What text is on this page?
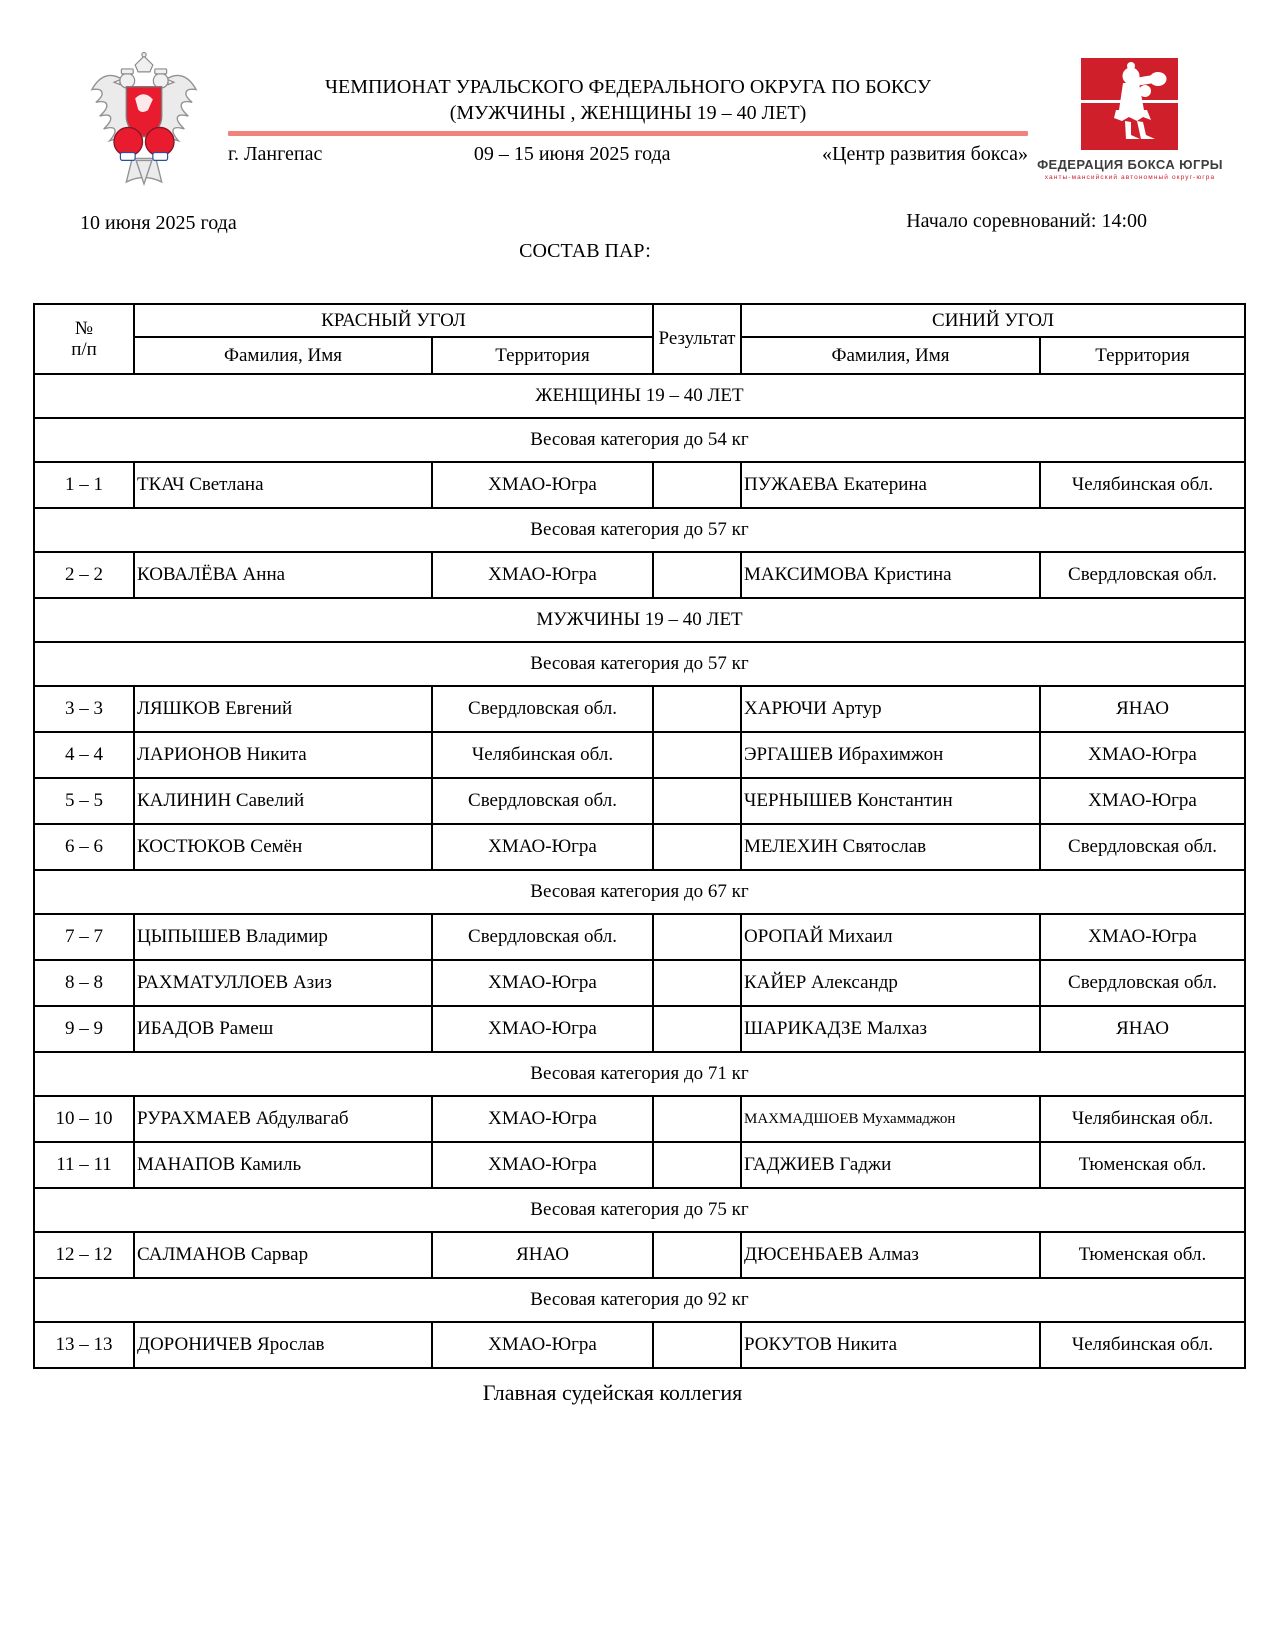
ЧЕМПИОНАТ УРАЛЬСКОГО ФЕДЕРАЛЬНОГО ОКРУГА ПО БОКСУ
(МУЖЧИНЫ , ЖЕНЩИНЫ 19 – 40 ЛЕТ)
г. Лангепас	09 – 15 июня 2025 года	«Центр развития бокса» ФЕДЕРАЦИЯ БОКСА ЮГРЫ
ханты-мансийский автономный округ-югра
10 июня 2025 года	Начало соревнований: 14:00
СОСТАВ ПАР:
№
п/п	КРАСНЫЙ УГОЛ		Результат	СИНИЙ УГОЛ	
	Фамилия, Имя	Территория		Фамилия, Имя	Территория
ЖЕНЩИНЫ 19 – 40 ЛЕТ					
Весовая категория до 54 кг					
1 – 1	ТКАЧ Светлана	ХМАО-Югра		ПУЖАЕВА Екатерина	Челябинская обл.
Весовая категория до 57 кг					
2 – 2	КОВАЛЁВА Анна	ХМАО-Югра		МАКСИМОВА Кристина	Свердловская обл.
МУЖЧИНЫ 19 – 40 ЛЕТ					
Весовая категория до 57 кг					
3 – 3	ЛЯШКОВ Евгений	Свердловская обл.		ХАРЮЧИ Артур	ЯНАО
4 – 4	ЛАРИОНОВ Никита	Челябинская обл.		ЭРГАШЕВ Ибрахимжон	ХМАО-Югра
5 – 5	КАЛИНИН Савелий	Свердловская обл.		ЧЕРНЫШЕВ Константин	ХМАО-Югра
6 – 6	КОСТЮКОВ Семён	ХМАО-Югра		МЕЛЕХИН Святослав	Свердловская обл.
Весовая категория до 67 кг					
7 – 7	ЦЫПЫШЕВ Владимир	Свердловская обл.		ОРОПАЙ Михаил	ХМАО-Югра
8 – 8	РАХМАТУЛЛОЕВ Азиз	ХМАО-Югра		КАЙЕР Александр	Свердловская обл.
9 – 9	ИБАДОВ Рамеш	ХМАО-Югра		ШАРИКАДЗЕ Малхаз	ЯНАО
Весовая категория до 71 кг					
10 – 10	РУРАХМАЕВ Абдулвагаб	ХМАО-Югра		МАХМАДШОЕВ Мухаммаджон	Челябинская обл.
11 – 11	МАНАПОВ Камиль	ХМАО-Югра		ГАДЖИЕВ Гаджи	Тюменская обл.
Весовая категория до 75 кг					
12 – 12	САЛМАНОВ Сарвар	ЯНАО		ДЮСЕНБАЕВ Алмаз	Тюменская обл.
Весовая категория до 92 кг					
13 – 13	ДОРОНИЧЕВ Ярослав	ХМАО-Югра		РОКУТОВ Никита	Челябинская обл.
Главная судейская коллегия
